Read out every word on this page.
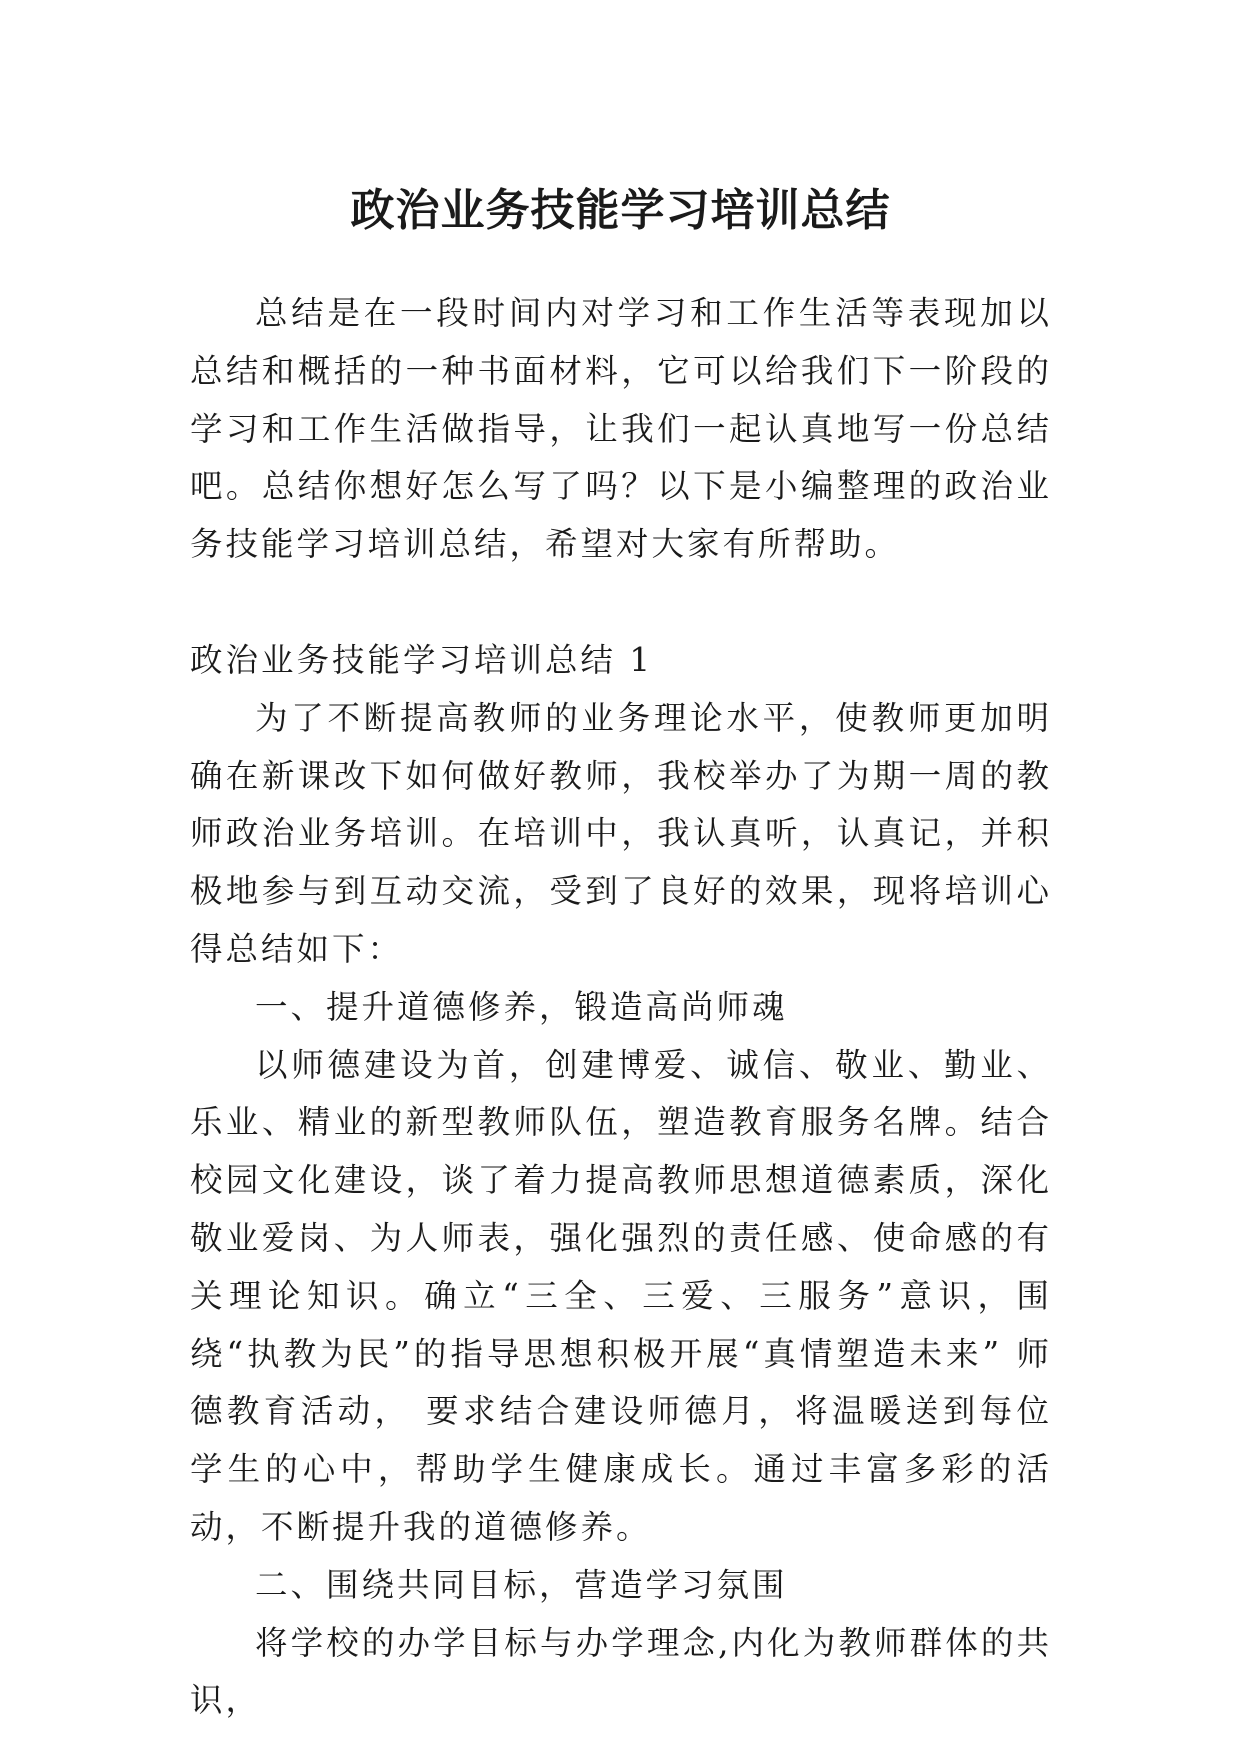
政治业务技能学习培训总结

总结是在一段时间内对学习和工作生活等表现加以总结和概括的一种书面材料，它可以给我们下一阶段的学习和工作生活做指导，让我们一起认真地写一份总结吧。总结你想好怎么写了吗？以下是小编整理的政治业务技能学习培训总结，希望对大家有所帮助。

政治业务技能学习培训总结 1

为了不断提高教师的业务理论水平，使教师更加明确在新课改下如何做好教师，我校举办了为期一周的教师政治业务培训。在培训中，我认真听，认真记，并积极地参与到互动交流，受到了良好的效果，现将培训心得总结如下：

一、提升道德修养，锻造高尚师魂

以师德建设为首，创建博爱、诚信、敬业、勤业、乐业、精业的新型教师队伍，塑造教育服务名牌。结合校园文化建设，谈了着力提高教师思想道德素质，深化敬业爱岗、为人师表，强化强烈的责任感、使命感的有关理论知识。确立“三全、三爱、三服务”意识，围绕“执教为民”的指导思想积极开展“真情塑造未来” 师德教育活动， 要求结合建设师德月，将温暖送到每位学生的心中，帮助学生健康成长。通过丰富多彩的活动，不断提升我的道德修养。

二、围绕共同目标，营造学习氛围

将学校的办学目标与办学理念,内化为教师群体的共识，
